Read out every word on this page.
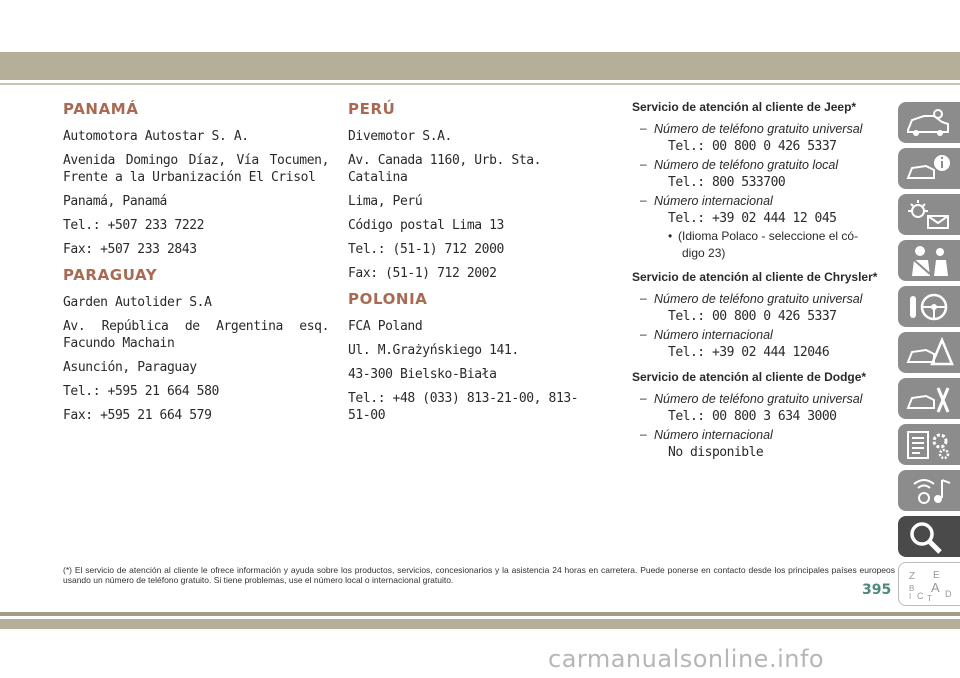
PANAMÁ

Automotora Autostar S. A.

Avenida Domingo Díaz, Vía Tocumen, Frente a la Urbanización El Crisol

Panamá, Panamá

Tel.: +507 233 7222

Fax: +507 233 2843

PARAGUAY

Garden Autolider S.A

Av. República de Argentina esq. Facundo Machain

Asunción, Paraguay

Tel.: +595 21 664 580

Fax: +595 21 664 579

PERÚ

Divemotor S.A.

Av. Canada 1160, Urb. Sta. Catalina

Lima, Perú

Código postal Lima 13

Tel.: (51-1) 712 2000

Fax: (51-1) 712 2002

POLONIA

FCA Poland

Ul. M.Grażyńskiego 141.

43-300 Bielsko-Biała

Tel.: +48 (033) 813-21-00, 813-51-00

Servicio de atención al cliente de Jeep*

– Número de teléfono gratuito universal

Tel.: 00 800 0 426 5337

– Número de teléfono gratuito local

Tel.: 800 533700

– Número internacional

Tel.: +39 02 444 12 045

• (Idioma Polaco - seleccione el có-
digo 23)

Servicio de atención al cliente de Chrysler*

– Número de teléfono gratuito universal

Tel.: 00 800 0 426 5337

– Número internacional

Tel.: +39 02 444 12046

Servicio de atención al cliente de Dodge*

– Número de teléfono gratuito universal

Tel.: 00 800 3 634 3000

– Número internacional

No disponible

Z E
B A
C D
I T

(*) El servicio de atención al cliente le ofrece información y ayuda sobre los productos, servicios, concesionarios y la asistencia 24 horas en carretera. Puede ponerse en contacto desde los principales países europeos usando un número de teléfono gratuito. Si tiene problemas, use el número local o internacional gratuito.

395
carmanualsonline.info
